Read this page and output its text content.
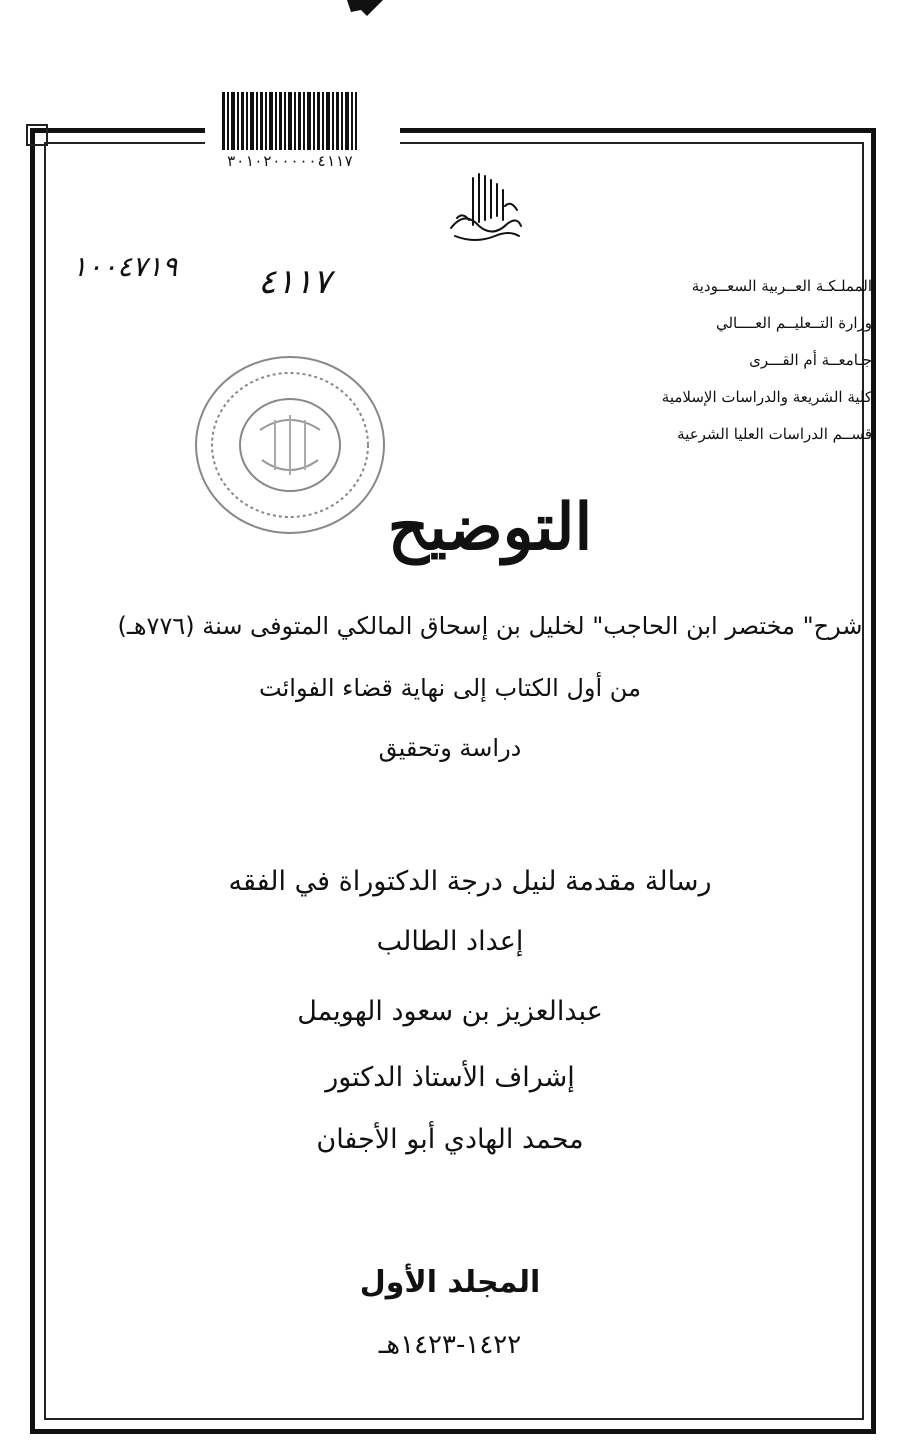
٣٠١٠٢٠٠٠٠٠٤١١٧
١٠٠٤٧١٩ ٤١١٧	المملـكـة العــربية السعــودية
وزارة التــعليــم العــــالي
جـامعــة أم القـــرى
كلية الشريعة والدراسات الإسلامية
قســم الدراسات العليا الشرعية
التوضيح
شرح" مختصر ابن الحاجب" لخليل بن إسحاق المالكي المتوفى سنة (٧٧٦هـ)
من أول الكتاب إلى نهاية قضاء الفوائت
دراسة وتحقيق
رسالة مقدمة لنيل درجة الدكتوراة في الفقه
إعداد الطالب
عبدالعزيز بن سعود الهويمل
إشراف الأستاذ الدكتور
محمد الهادي أبو الأجفان
المجلد الأول
١٤٢٢-١٤٢٣هـ
